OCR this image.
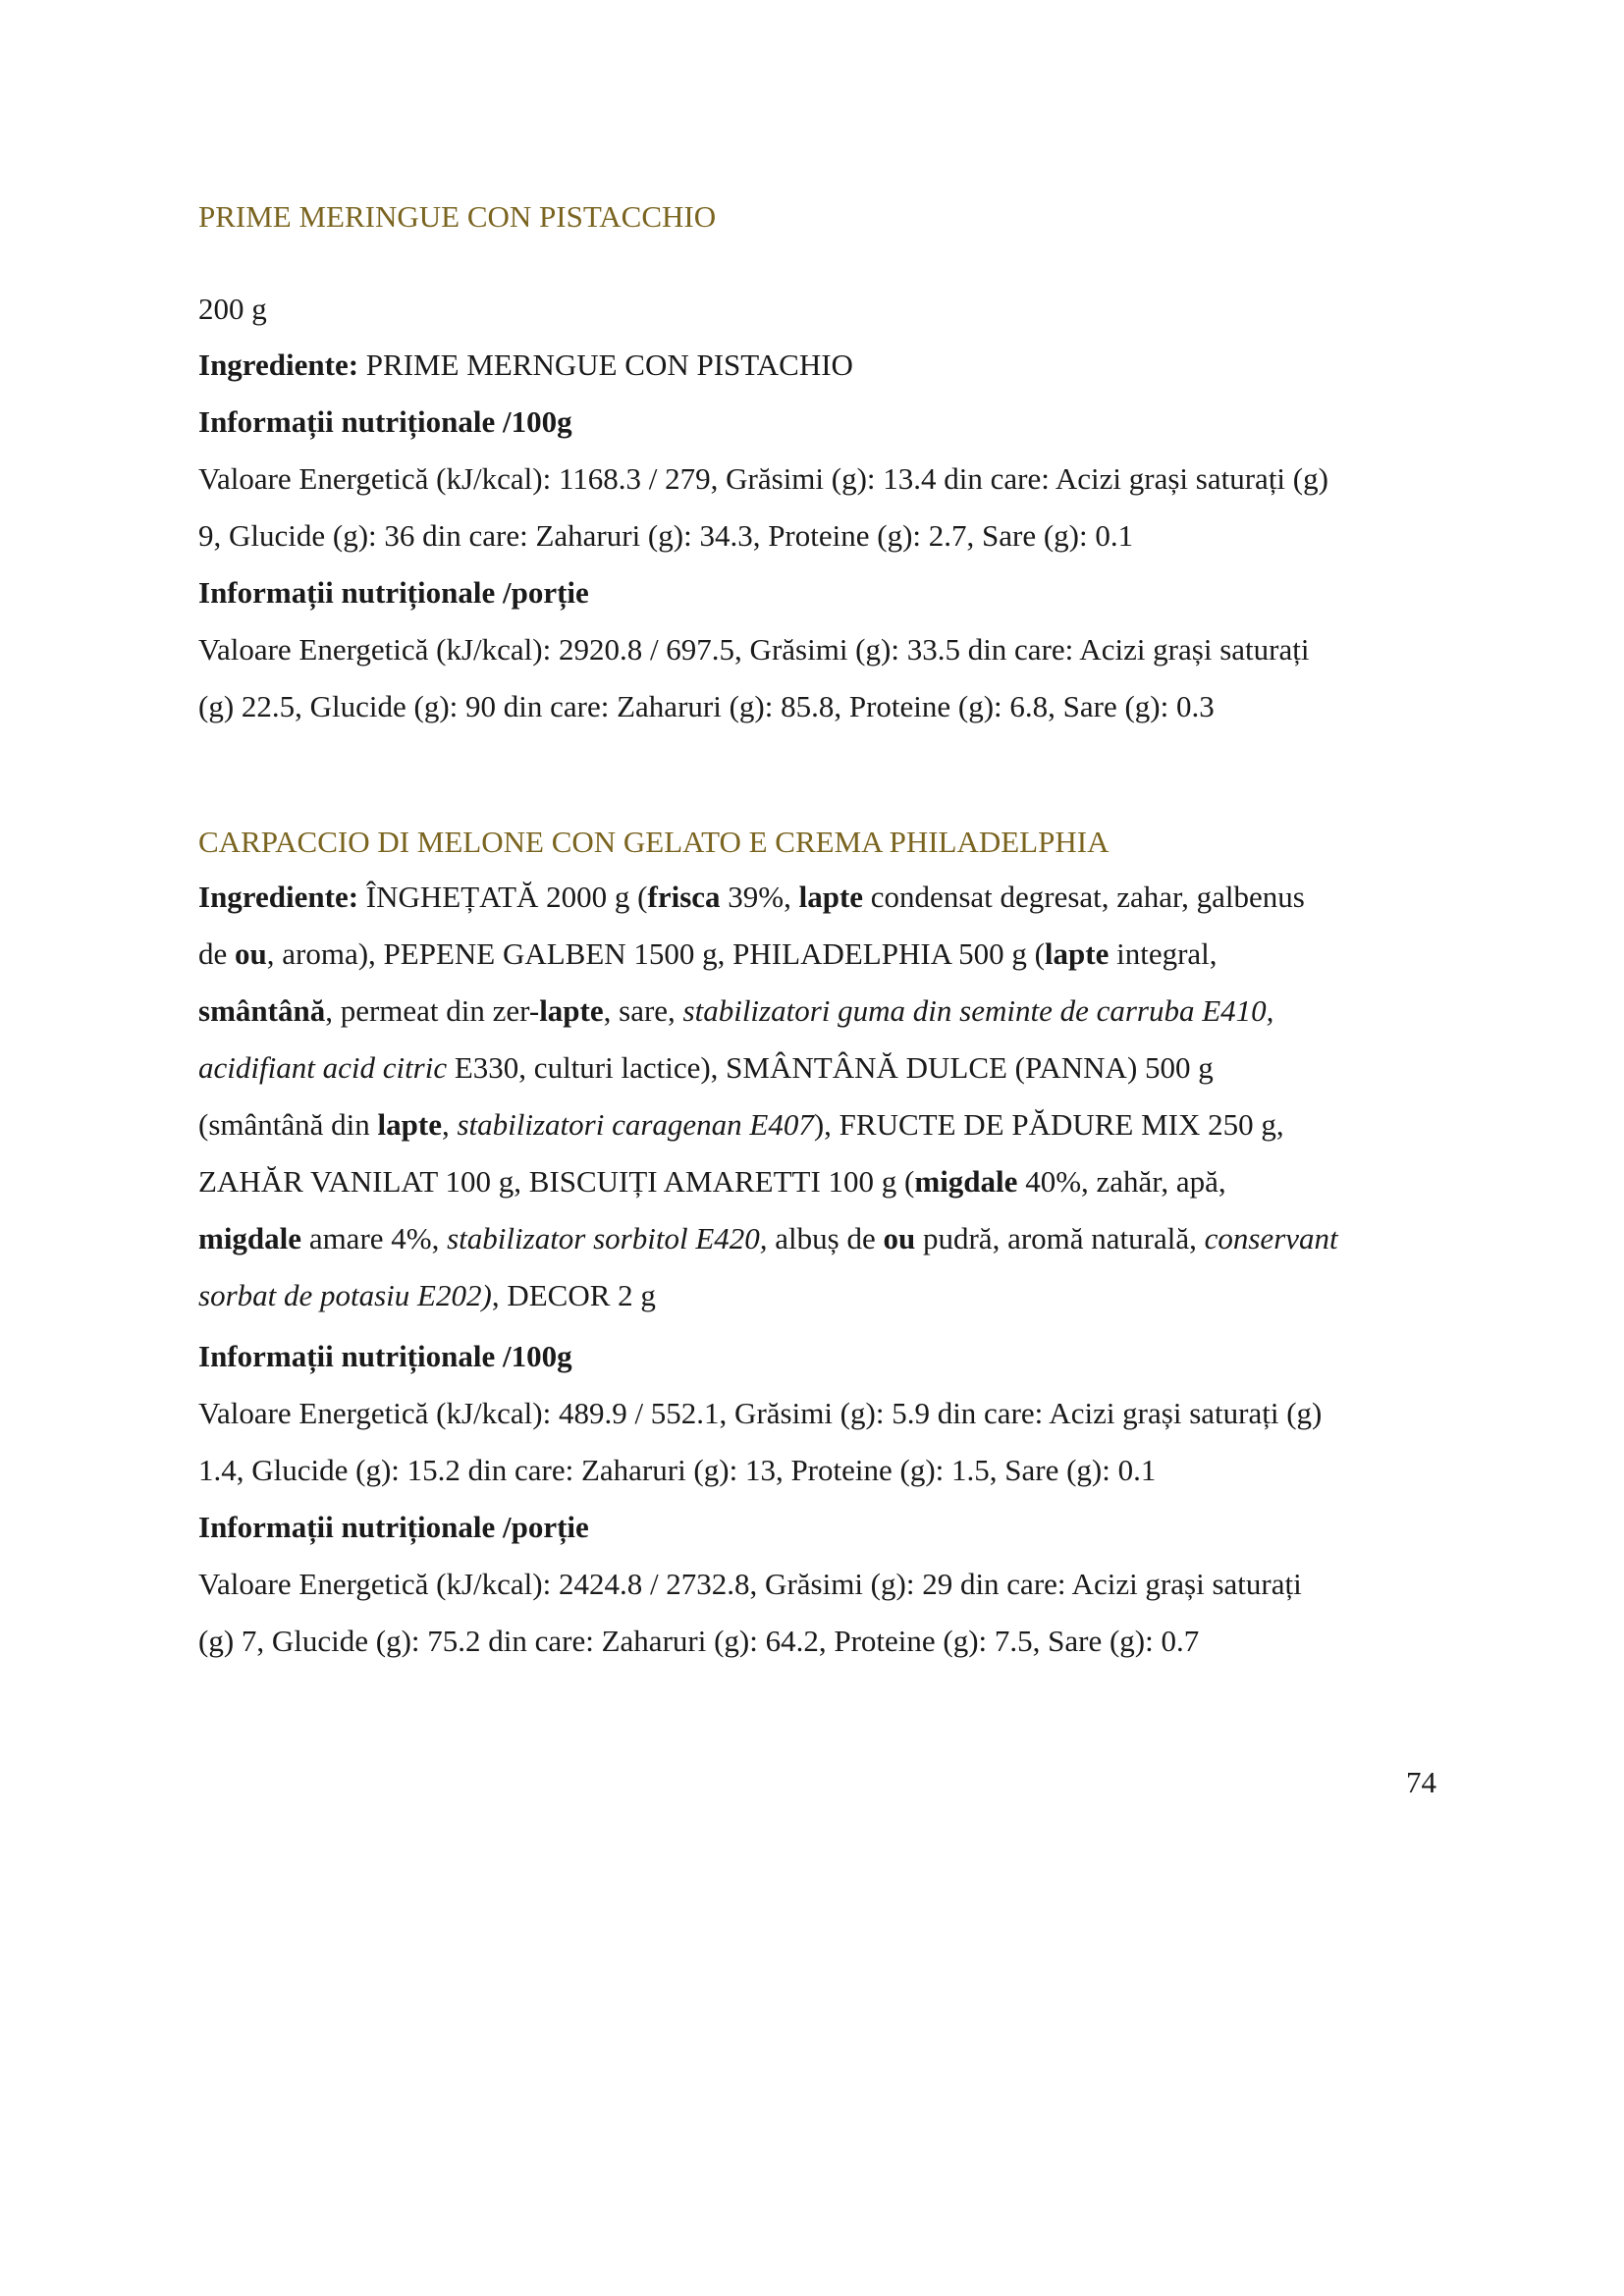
PRIME MERINGUE CON PISTACCHIO

200 g

Ingrediente: PRIME MERNGUE CON PISTACHIO

Informații nutriționale /100g

Valoare Energetică (kJ/kcal): 1168.3 / 279, Grăsimi (g): 13.4 din care: Acizi grași saturați (g)

9, Glucide (g): 36 din care: Zaharuri (g): 34.3, Proteine (g): 2.7, Sare (g): 0.1

Informații nutriționale /porție

Valoare Energetică (kJ/kcal): 2920.8 / 697.5, Grăsimi (g): 33.5 din care: Acizi grași saturați

(g) 22.5, Glucide (g): 90 din care: Zaharuri (g): 85.8, Proteine (g): 6.8, Sare (g): 0.3

CARPACCIO DI MELONE CON GELATO E CREMA PHILADELPHIA

Ingrediente: ÎNGHEȚATĂ 2000 g (frisca 39%, lapte condensat degresat, zahar, galbenus

de ou, aroma), PEPENE GALBEN 1500 g, PHILADELPHIA 500 g (lapte integral,

smântână, permeat din zer-lapte, sare, stabilizatori guma din seminte de carruba E410,

acidifiant acid citric E330, culturi lactice), SMÂNTÂNĂ DULCE (PANNA) 500 g

(smântână din lapte, stabilizatori caragenan E407), FRUCTE DE PĂDURE MIX 250 g,

ZAHĂR VANILAT 100 g, BISCUIȚI AMARETTI 100 g (migdale 40%, zahăr, apă,

migdale amare 4%, stabilizator sorbitol E420, albuș de ou pudră, aromă naturală, conservant

sorbat de potasiu E202), DECOR 2 g

Informații nutriționale /100g

Valoare Energetică (kJ/kcal): 489.9 / 552.1, Grăsimi (g): 5.9 din care: Acizi grași saturați (g)

1.4, Glucide (g): 15.2 din care: Zaharuri (g): 13, Proteine (g): 1.5, Sare (g): 0.1

Informații nutriționale /porție

Valoare Energetică (kJ/kcal): 2424.8 / 2732.8, Grăsimi (g): 29 din care: Acizi grași saturați

(g) 7, Glucide (g): 75.2 din care: Zaharuri (g): 64.2, Proteine (g): 7.5, Sare (g): 0.7

74
